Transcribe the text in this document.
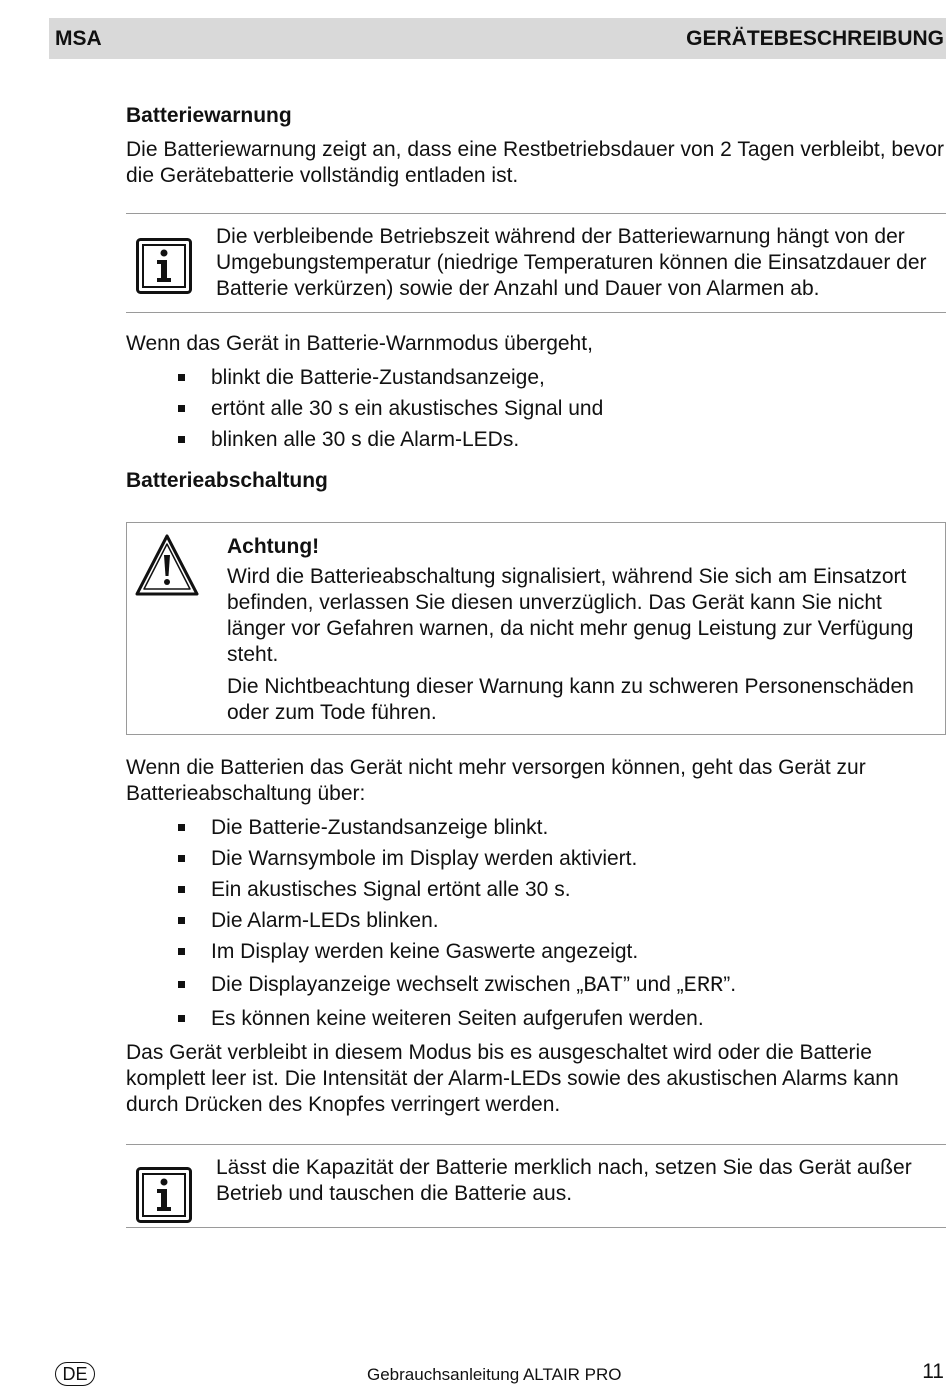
MSA	GERÄTEBESCHREIBUNG
Batteriewarnung

Die Batteriewarnung zeigt an, dass eine Restbetriebsdauer von 2 Tagen verbleibt, bevor die Gerätebatterie vollständig entladen ist.

Die verbleibende Betriebszeit während der Batteriewarnung hängt von der Umgebungstemperatur (niedrige Temperaturen können die Einsatzdauer der Batterie verkürzen) sowie der Anzahl und Dauer von Alarmen ab.

Wenn das Gerät in Batterie-Warnmodus übergeht,

blinkt die Batterie-Zustandsanzeige,
ertönt alle 30 s ein akustisches Signal und
blinken alle 30 s die Alarm-LEDs.
Batterieabschaltung
Achtung!

Wird die Batterieabschaltung signalisiert, während Sie sich am Einsatzort befinden, verlassen Sie diesen unverzüglich. Das Gerät kann Sie nicht länger vor Gefahren warnen, da nicht mehr genug Leistung zur Verfügung steht.

Die Nichtbeachtung dieser Warnung kann zu schweren Personenschäden oder zum Tode führen.

Wenn die Batterien das Gerät nicht mehr versorgen können, geht das Gerät zur Batterieabschaltung über:

Die Batterie-Zustandsanzeige blinkt.
Die Warnsymbole im Display werden aktiviert.
Ein akustisches Signal ertönt alle 30 s.
Die Alarm-LEDs blinken.
Im Display werden keine Gaswerte angezeigt.
Die Displayanzeige wechselt zwischen „BAT” und „ERR”.
Es können keine weiteren Seiten aufgerufen werden.

Das Gerät verbleibt in diesem Modus bis es ausgeschaltet wird oder die Batterie komplett leer ist. Die Intensität der Alarm-LEDs sowie des akustischen Alarms kann durch Drücken des Knopfes verringert werden.

Lässt die Kapazität der Batterie merklich nach, setzen Sie das Gerät außer Betrieb und tauschen die Batterie aus.

DE	Gebrauchsanleitung ALTAIR PRO	11
